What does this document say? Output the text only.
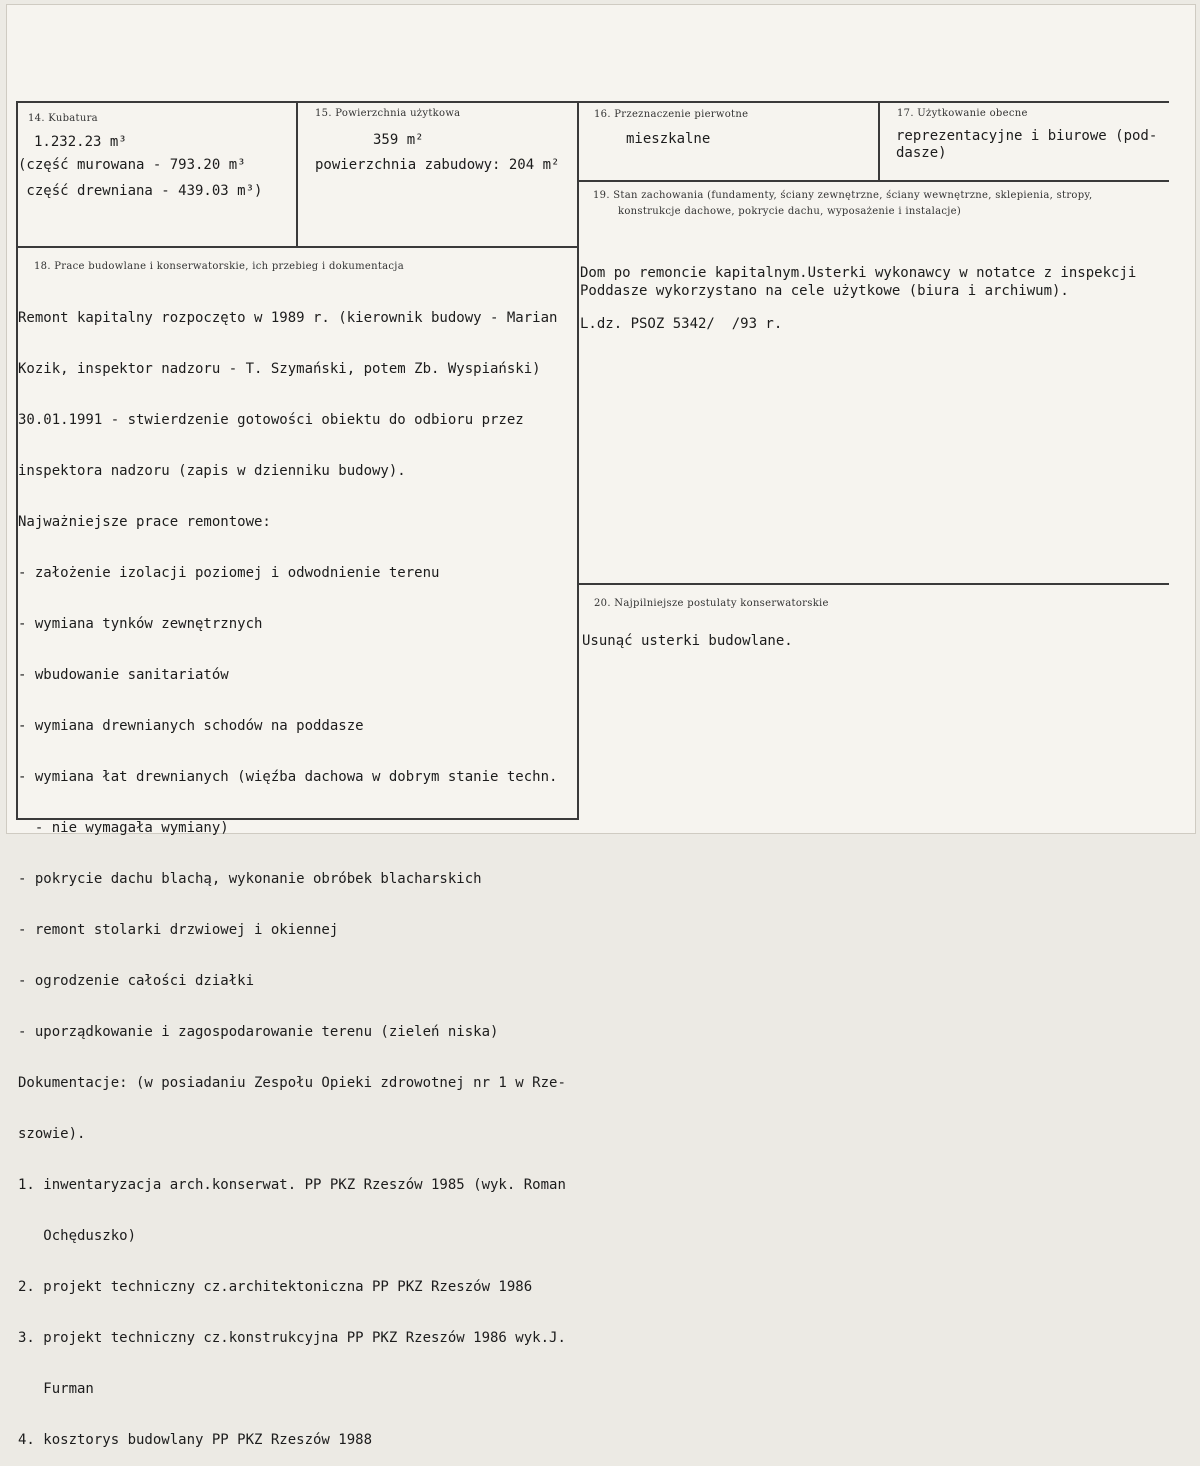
14. Kubatura
1.232.23 m³
(część murowana - 793.20 m³
część drewniana - 439.03 m³)
15. Powierzchnia użytkowa
359 m²
powierzchnia zabudowy: 204 m²
16. Przeznaczenie pierwotne
mieszkalne
17. Użytkowanie obecne
reprezentacyjne i biurowe (pod-
dasze)
18. Prace budowlane i konserwatorskie, ich przebieg i dokumentacja

Remont kapitalny rozpoczęto w 1989 r. (kierownik budowy - Marian

Kozik, inspektor nadzoru - T. Szymański, potem Zb. Wyspiański)

30.01.1991 - stwierdzenie gotowości obiektu do odbioru przez

inspektora nadzoru (zapis w dzienniku budowy).

Najważniejsze prace remontowe:

- założenie izolacji poziomej i odwodnienie terenu

- wymiana tynków zewnętrznych

- wbudowanie sanitariatów

- wymiana drewnianych schodów na poddasze

- wymiana łat drewnianych (więźba dachowa w dobrym stanie techn.

- nie wymagała wymiany)

- pokrycie dachu blachą, wykonanie obróbek blacharskich

- remont stolarki drzwiowej i okiennej

- ogrodzenie całości działki

- uporządkowanie i zagospodarowanie terenu (zieleń niska)

Dokumentacje: (w posiadaniu Zespołu Opieki zdrowotnej nr 1 w Rze-

szowie).

1. inwentaryzacja arch.konserwat. PP PKZ Rzeszów 1985 (wyk. Roman

Ochęduszko)

2. projekt techniczny cz.architektoniczna PP PKZ Rzeszów 1986

3. projekt techniczny cz.konstrukcyjna PP PKZ Rzeszów 1986 wyk.J.

Furman

4. kosztorys budowlany PP PKZ Rzeszów 1988

19. Stan zachowania (fundamenty, ściany zewnętrzne, ściany wewnętrzne, sklepienia, stropy,
konstrukcje dachowe, pokrycie dachu, wyposażenie i instalacje)

Dom po remoncie kapitalnym.Usterki wykonawcy w notatce z inspekcji

L.dz. PSOZ 5342/  /93 r.

Poddasze wykorzystano na cele użytkowe (biura i archiwum).
20. Najpilniejsze postulaty konserwatorskie
Usunąć usterki budowlane.
